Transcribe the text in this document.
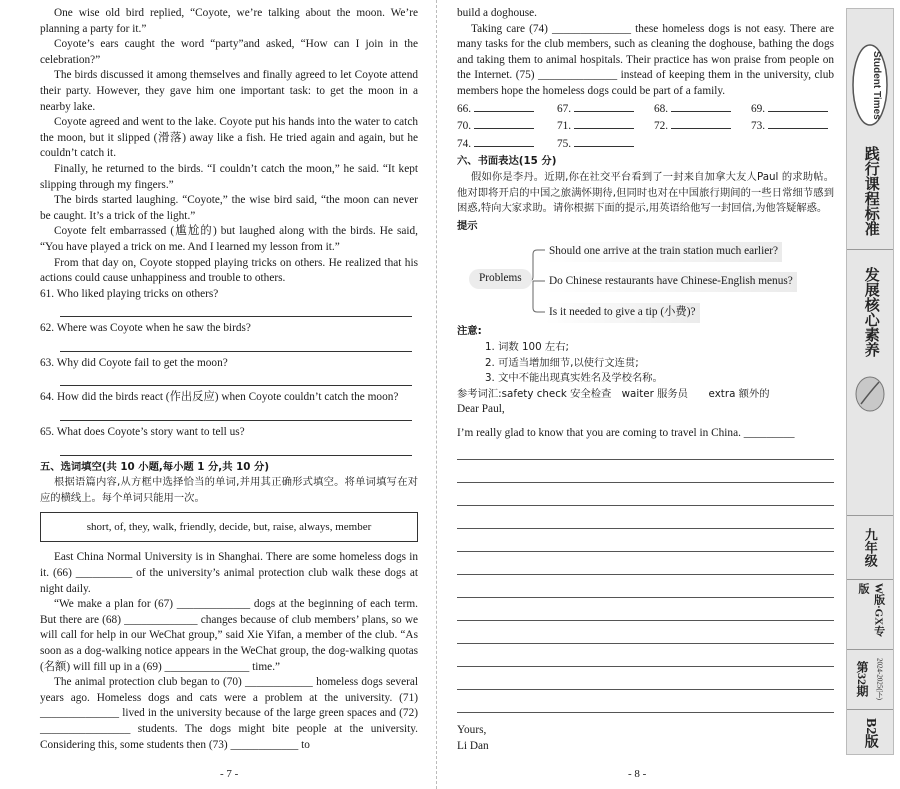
One wise old bird replied, “Coyote, we’re talking about the moon. We’re planning a party for it.”

Coyote’s ears caught the word “party”and asked, “How can I join in the celebration?”

The birds discussed it among themselves and finally agreed to let Coyote attend their party. However, they gave him one important task: to get the moon in a nearby lake.

Coyote agreed and went to the lake. Coyote put his hands into the water to catch the moon, but it slipped (滑落) away like a fish. He tried again and again, but he couldn’t catch it.

Finally, he returned to the birds. “I couldn’t catch the moon,” he said. “It kept slipping through my fingers.”

The birds started laughing. “Coyote,” the wise bird said, “the moon can never be caught. It’s a trick of the light.”

Coyote felt embarrassed (尴尬的) but laughed along with the birds. He said, “You have played a trick on me. And I learned my lesson from it.”

From that day on, Coyote stopped playing tricks on others. He realized that his actions could cause unhappiness and trouble to others.

61. Who liked playing tricks on others?

62. Where was Coyote when he saw the birds?

63. Why did Coyote fail to get the moon?

64. How did the birds react (作出反应) when Coyote couldn’t catch the moon?

65. What does Coyote’s story want to tell us?

五、选词填空(共 10 小题,每小题 1 分,共 10 分)

根据语篇内容,从方框中选择恰当的单词,并用其正确形式填空。将单词填写在对应的横线上。每个单词只能用一次。

short, of, they, walk, friendly, decide, but, raise, always, member

East China Normal University is in Shanghai. There are some homeless dogs in it. (66) __________ of the university’s animal protection club walk these dogs at night daily.

“We make a plan for (67) _____________ dogs at the beginning of each term. But there are (68) _____________ changes because of club members’ plans, so we will call for help in our WeChat group,” said Xie Yifan, a member of the club. “As soon as a dog-walking notice appears in the WeChat group, the dog-walking quotas (名额) will fill up in a (69) _______________ time.”

The animal protection club began to (70) ____________ homeless dogs several years ago. Homeless dogs and cats were a problem at the university. (71) ______________ lived in the university because of the large green spaces and (72) ________________ students. The dogs might bite people at the university. Considering this, some students then (73) ____________ to

- 7 -

build a doghouse.

Taking care (74) ______________ these homeless dogs is not easy. There are many tasks for the club members, such as cleaning the doghouse, bathing the dogs and taking them to animal hospitals. Their practice has won praise from people on the Internet. (75) ______________ instead of keeping them in the university, club members hope the homeless dogs could be part of a family.

66.	67.	68.	69.
70.	71.	72.	73.
74.	75.

六、书面表达(15 分)

假如你是李丹。近期,你在社交平台看到了一封来自加拿大友人Paul 的求助帖。他对即将开启的中国之旅满怀期待,但同时也对在中国旅行期间的一些日常细节感到困惑,特向大家求助。请你根据下面的提示,用英语给他写一封回信,为他答疑解惑。

提示

Problems
Should one arrive at the train station much earlier?
Do Chinese restaurants have Chinese-English menus?
Is it needed to give a tip (小费)?

注意:

1. 词数 100 左右;

2. 可适当增加细节,以使行文连贯;

3. 文中不能出现真实姓名及学校名称。

参考词汇:safety check 安全检查　waiter 服务员　　extra 额外的

Dear Paul,

I’m really glad to know that you are coming to travel in China. _________

Yours,

Li Dan

- 8 -
Student Times
践行课程标准
发展核心素养
九年级
W版·GX专版
第32期 2024-2025(下)
B2版
